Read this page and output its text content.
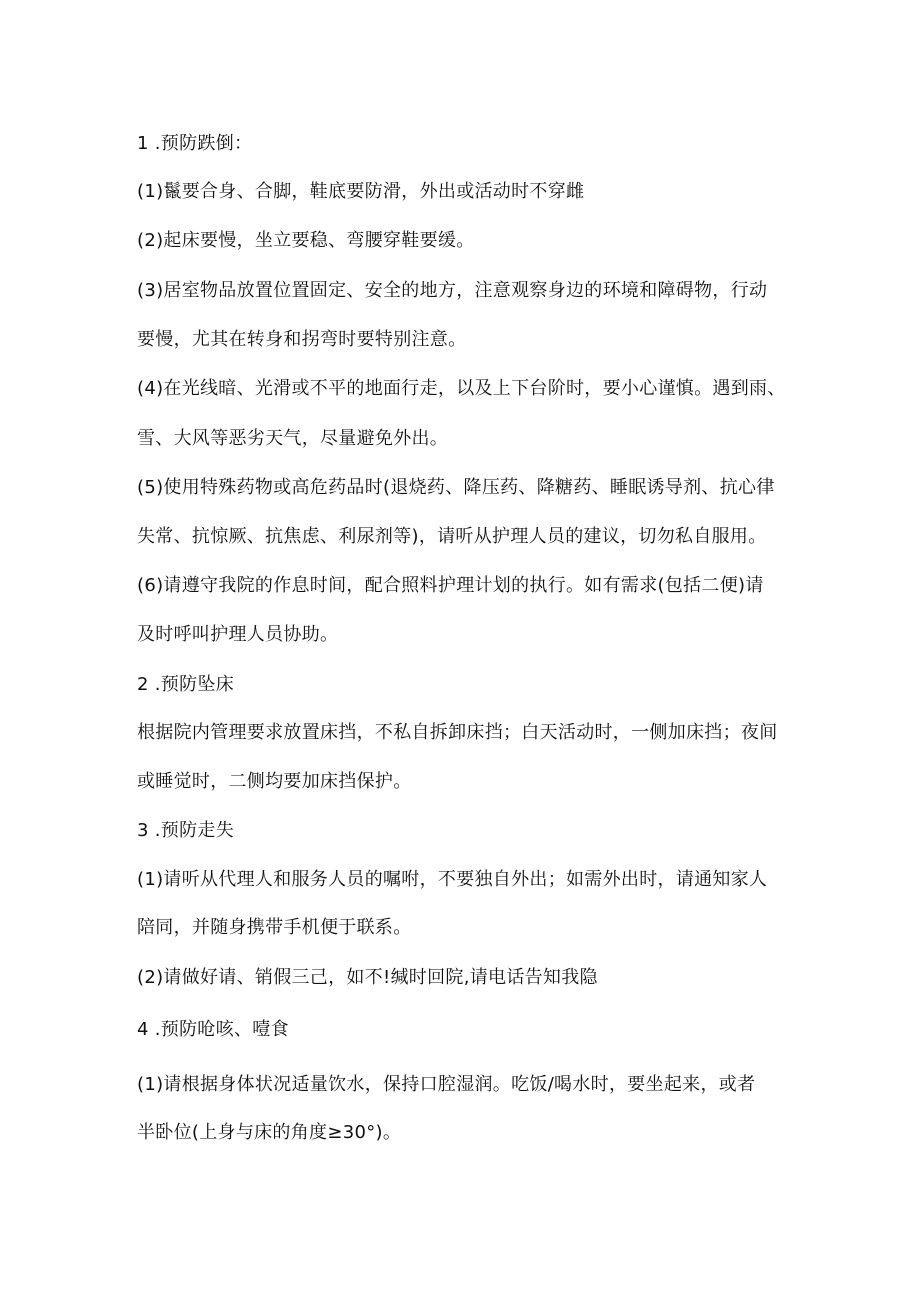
1 .预防跌倒：
(1)鬣要合身、合脚，鞋底要防滑，外出或活动时不穿雌
(2)起床要慢，坐立要稳、弯腰穿鞋要缓。
(3)居室物品放置位置固定、安全的地方，注意观察身边的环境和障碍物，行动
要慢，尤其在转身和拐弯时要特别注意。
(4)在光线暗、光滑或不平的地面行走，以及上下台阶时，要小心谨慎。遇到雨、
雪、大风等恶劣天气，尽量避免外出。
(5)使用特殊药物或高危药品时(退烧药、降压药、降糖药、睡眠诱导剂、抗心律
失常、抗惊厥、抗焦虑、利尿剂等)，请听从护理人员的建议，切勿私自服用。
(6)请遵守我院的作息时间，配合照料护理计划的执行。如有需求(包括二便)请
及时呼叫护理人员协助。
2 .预防坠床
根据院内管理要求放置床挡，不私自拆卸床挡；白天活动时，一侧加床挡；夜间
或睡觉时，二侧均要加床挡保护。
3 .预防走失
(1)请听从代理人和服务人员的嘱咐，不要独自外出；如需外出时，请通知家人
陪同，并随身携带手机便于联系。
(2)请做好请、销假三己，如不!缄时回院,请电话告知我隐
4 .预防呛咳、噎食
(1)请根据身体状况适量饮水，保持口腔湿润。吃饭/喝水时，要坐起来，或者
半卧位(上身与床的角度≥30°)。
